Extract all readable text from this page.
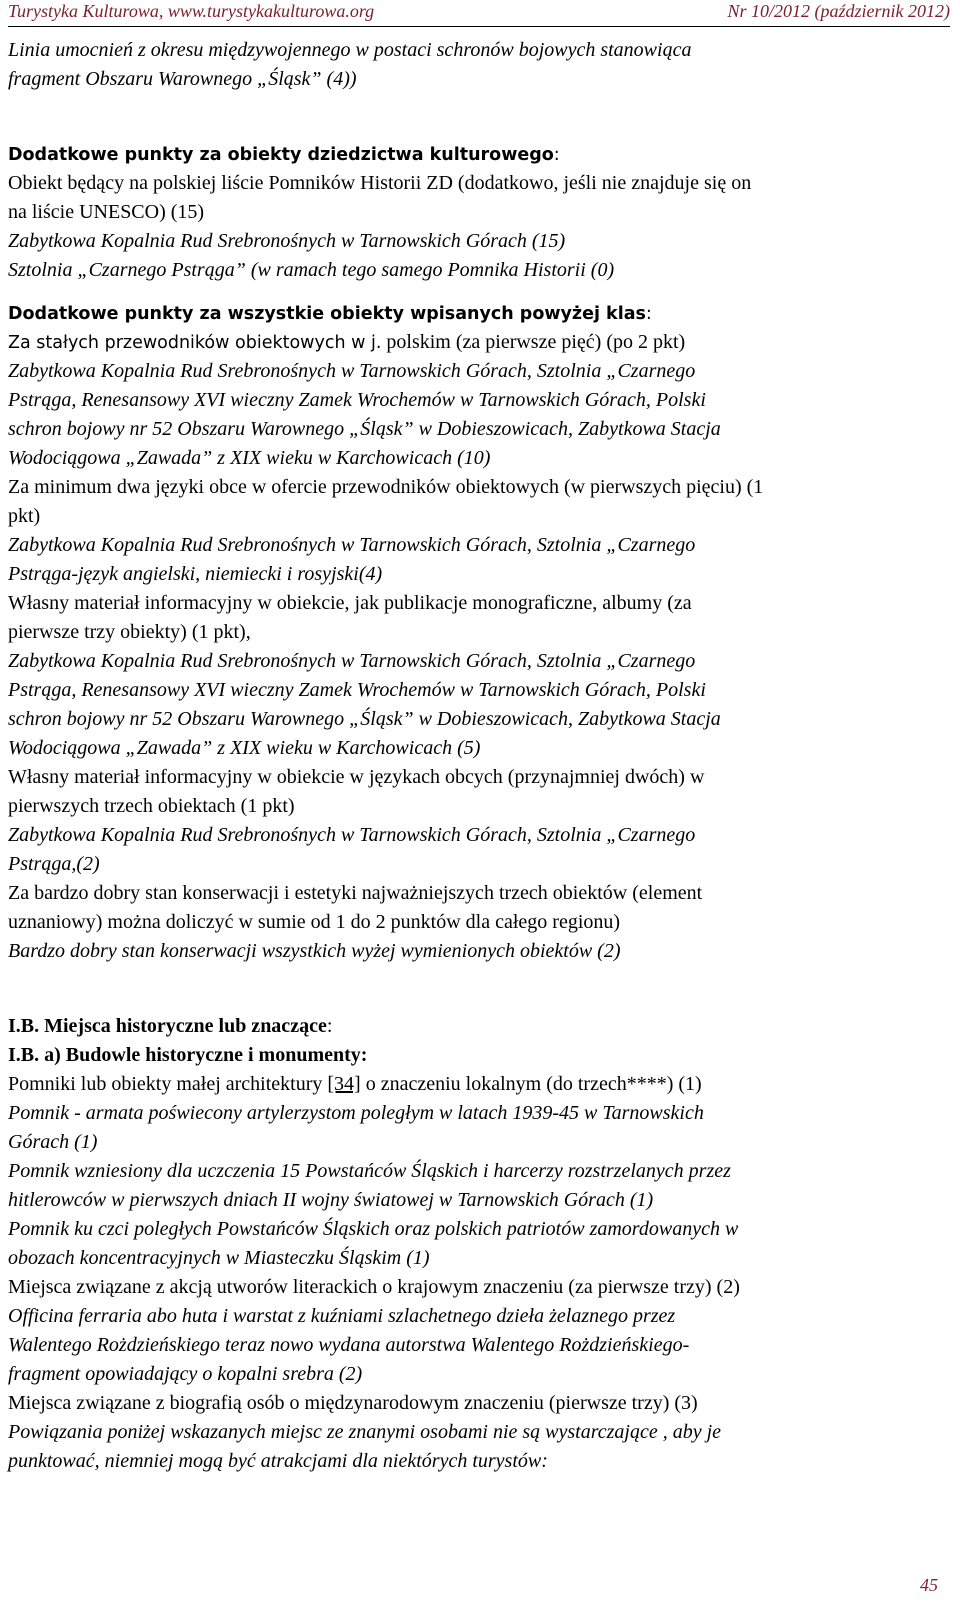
Turystyka Kulturowa, www.turystykakulturowa.org	Nr 10/2012 (październik 2012)
Linia umocnień z okresu międzywojennego w postaci schronów bojowych stanowiąca
fragment Obszaru Warownego „Śląsk” (4))
Dodatkowe punkty za obiekty dziedzictwa kulturowego:
Obiekt będący na polskiej liście Pomników Historii ZD (dodatkowo, jeśli nie znajduje się on
na liście UNESCO) (15)
Zabytkowa Kopalnia Rud Srebronośnych w Tarnowskich Górach (15)
Sztolnia „Czarnego Pstrąga” (w ramach tego samego Pomnika Historii (0)
Dodatkowe punkty za wszystkie obiekty wpisanych powyżej klas:
Za stałych przewodników obiektowych w j. polskim (za pierwsze pięć) (po 2 pkt)
Zabytkowa Kopalnia Rud Srebronośnych w Tarnowskich Górach, Sztolnia „Czarnego
Pstrąga, Renesansowy XVI wieczny Zamek Wrochemów w Tarnowskich Górach, Polski
schron bojowy nr 52 Obszaru Warownego „Śląsk” w Dobieszowicach, Zabytkowa Stacja
Wodociągowa „Zawada” z XIX wieku w Karchowicach (10)
Za minimum dwa języki obce w ofercie przewodników obiektowych (w pierwszych pięciu) (1
pkt)
Zabytkowa Kopalnia Rud Srebronośnych w Tarnowskich Górach, Sztolnia „Czarnego
Pstrąga-język angielski, niemiecki i rosyjski(4)
Własny materiał informacyjny w obiekcie, jak publikacje monograficzne, albumy (za
pierwsze trzy obiekty) (1 pkt),
Zabytkowa Kopalnia Rud Srebronośnych w Tarnowskich Górach, Sztolnia „Czarnego
Pstrąga, Renesansowy XVI wieczny Zamek Wrochemów w Tarnowskich Górach, Polski
schron bojowy nr 52 Obszaru Warownego „Śląsk” w Dobieszowicach, Zabytkowa Stacja
Wodociągowa „Zawada” z XIX wieku w Karchowicach (5)
Własny materiał informacyjny w obiekcie w językach obcych (przynajmniej dwóch) w
pierwszych trzech obiektach (1 pkt)
Zabytkowa Kopalnia Rud Srebronośnych w Tarnowskich Górach, Sztolnia „Czarnego
Pstrąga,(2)
Za bardzo dobry stan konserwacji i estetyki najważniejszych trzech obiektów (element
uznaniowy) można doliczyć w sumie od 1 do 2 punktów dla całego regionu)
Bardzo dobry stan konserwacji wszystkich wyżej wymienionych obiektów (2)
I.B. Miejsca historyczne lub znaczące:
I.B. a) Budowle historyczne i monumenty:
Pomniki lub obiekty małej architektury [34] o znaczeniu lokalnym (do trzech****) (1)
Pomnik - armata poświecony artylerzystom poległym w latach 1939-45 w Tarnowskich
Górach (1)
Pomnik wzniesiony dla uczczenia 15 Powstańców Śląskich i harcerzy rozstrzelanych przez
hitlerowców w pierwszych dniach II wojny światowej w Tarnowskich Górach (1)
Pomnik ku czci poległych Powstańców Śląskich oraz polskich patriotów zamordowanych w
obozach koncentracyjnych w Miasteczku Śląskim (1)
Miejsca związane z akcją utworów literackich o krajowym znaczeniu (za pierwsze trzy) (2)
Officina ferraria abo huta i warstat z kuźniami szlachetnego dzieła żelaznego przez
Walentego Rożdzieńskiego teraz nowo wydana autorstwa Walentego Rożdzieńskiego-
fragment opowiadający o kopalni srebra (2)
Miejsca związane z biografią osób o międzynarodowym znaczeniu (pierwsze trzy) (3)
Powiązania poniżej wskazanych miejsc ze znanymi osobami nie są wystarczające , aby je
punktować, niemniej mogą być atrakcjami dla niektórych turystów:
45
